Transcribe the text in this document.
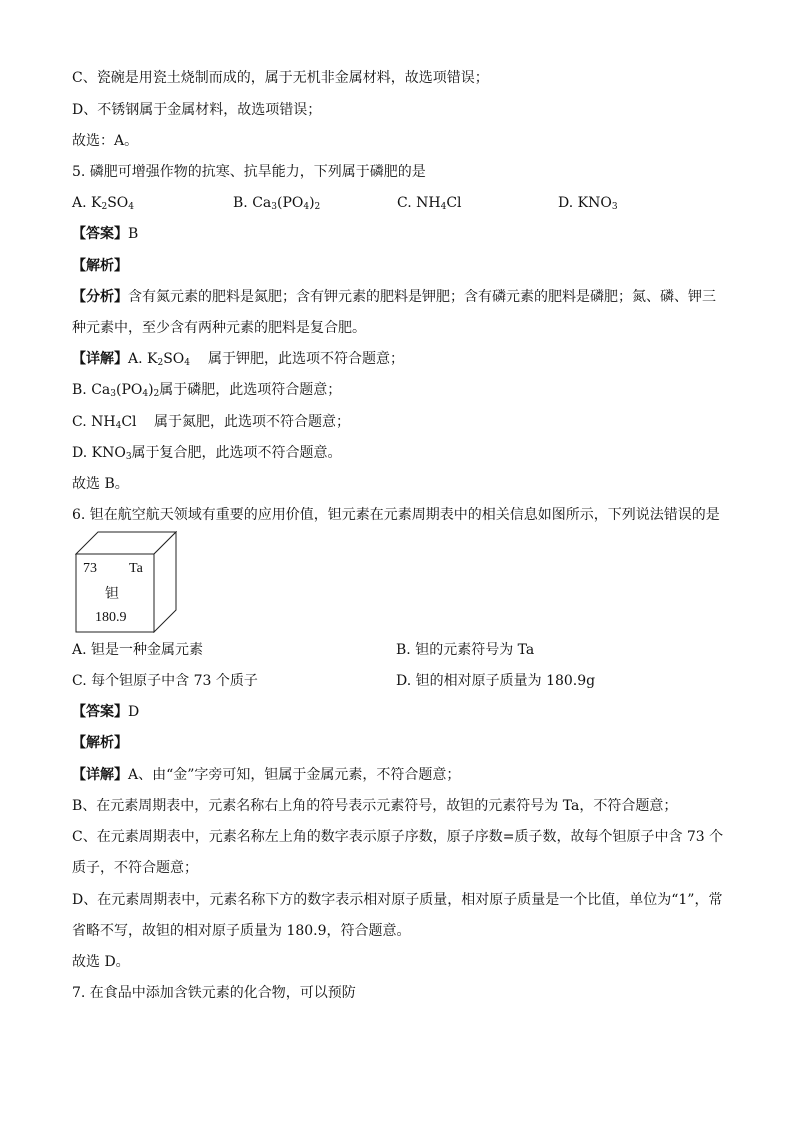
C、瓷碗是用瓷土烧制而成的，属于无机非金属材料，故选项错误；
D、不锈钢属于金属材料，故选项错误；
故选：A。
5. 磷肥可增强作物的抗寒、抗旱能力，下列属于磷肥的是
A. $K_2SO_4$	B. $Ca_3(PO_4)_2$	C. $NH_4Cl$	D. $KNO_3$
【答案】B
【解析】
【分析】含有氮元素的肥料是氮肥；含有钾元素的肥料是钾肥；含有磷元素的肥料是磷肥；氮、磷、钾三
种元素中，至少含有两种元素的肥料是复合肥。
【详解】A. $K_2SO_4$ 属于钾肥，此选项不符合题意；
B. $Ca_3(PO_4)_2$属于磷肥，此选项符合题意；
C. $NH_4Cl$ 属于氮肥，此选项不符合题意；
D. $KNO_3$属于复合肥，此选项不符合题意。
故选 B。
6. 钽在航空航天领域有重要的应用价值，钽元素在元素周期表中的相关信息如图所示，下列说法错误的是
73 Ta
钽
180.9
A. 钽是一种金属元素	B. 钽的元素符号为 Ta
C. 每个钽原子中含 73 个质子	D. 钽的相对原子质量为 180.9g
【答案】D
【解析】
【详解】A、由“金”字旁可知，钽属于金属元素，不符合题意；
B、在元素周期表中，元素名称右上角的符号表示元素符号，故钽的元素符号为 Ta，不符合题意；
C、在元素周期表中，元素名称左上角的数字表示原子序数，原子序数=质子数，故每个钽原子中含 73 个
质子，不符合题意；
D、在元素周期表中，元素名称下方的数字表示相对原子质量，相对原子质量是一个比值，单位为“1”，常
省略不写，故钽的相对原子质量为 180.9，符合题意。
故选 D。
7. 在食品中添加含铁元素的化合物，可以预防
